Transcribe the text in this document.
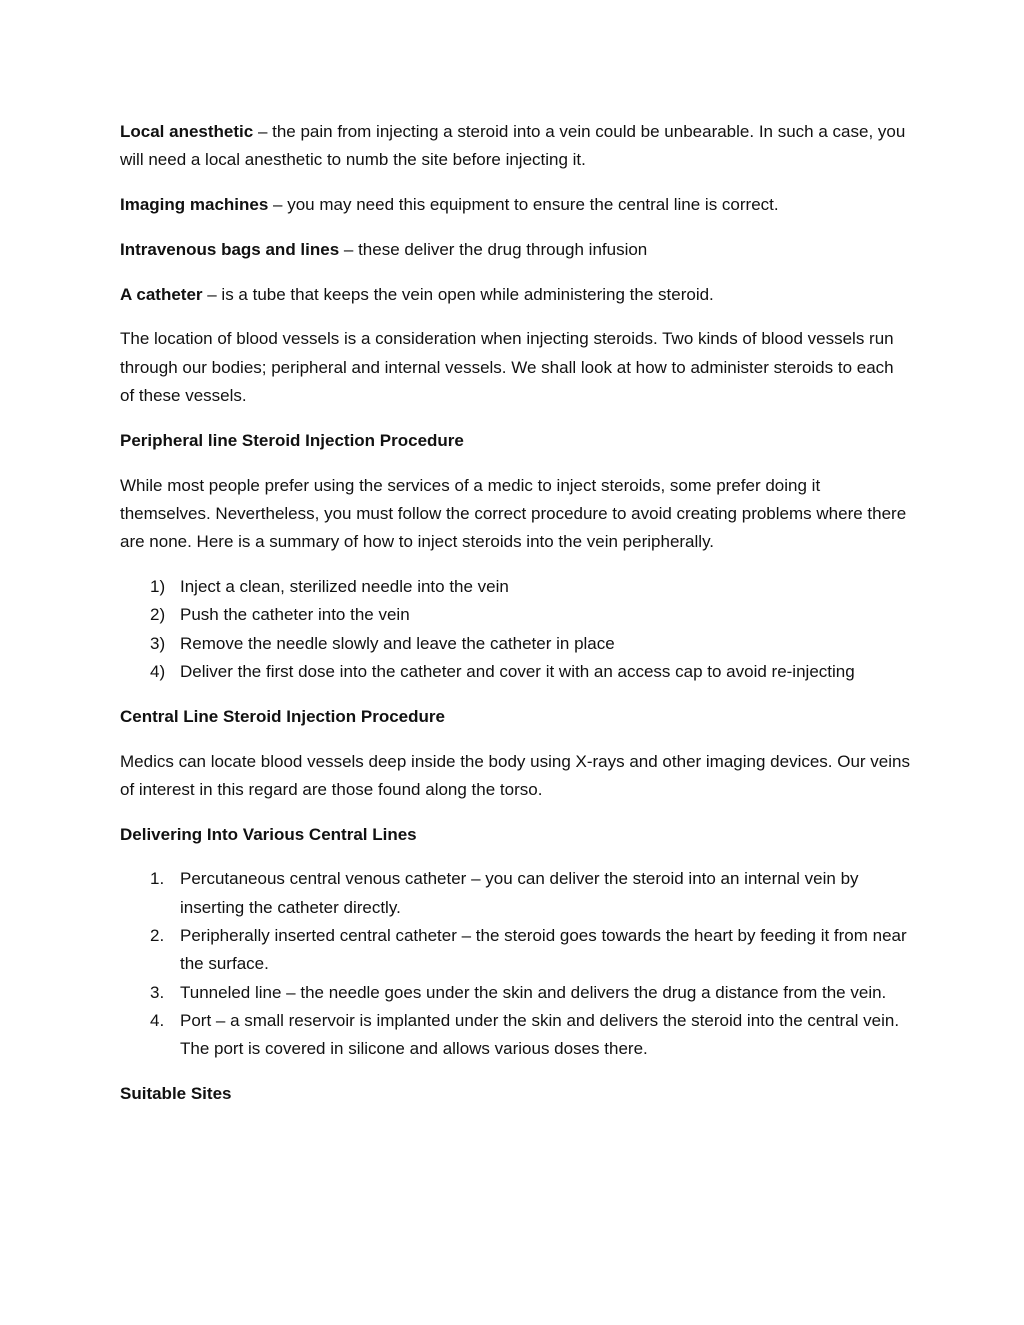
Local anesthetic – the pain from injecting a steroid into a vein could be unbearable. In such a case, you will need a local anesthetic to numb the site before injecting it.

Imaging machines – you may need this equipment to ensure the central line is correct.

Intravenous bags and lines – these deliver the drug through infusion

A catheter – is a tube that keeps the vein open while administering the steroid.

The location of blood vessels is a consideration when injecting steroids. Two kinds of blood vessels run through our bodies; peripheral and internal vessels. We shall look at how to administer steroids to each of these vessels.

Peripheral line Steroid Injection Procedure

While most people prefer using the services of a medic to inject steroids, some prefer doing it themselves. Nevertheless, you must follow the correct procedure to avoid creating problems where there are none. Here is a summary of how to inject steroids into the vein peripherally.

1) Inject a clean, sterilized needle into the vein
2) Push the catheter into the vein
3) Remove the needle slowly and leave the catheter in place
4) Deliver the first dose into the catheter and cover it with an access cap to avoid re-injecting
Central Line Steroid Injection Procedure

Medics can locate blood vessels deep inside the body using X-rays and other imaging devices. Our veins of interest in this regard are those found along the torso.

Delivering Into Various Central Lines
1. Percutaneous central venous catheter – you can deliver the steroid into an internal vein by inserting the catheter directly.
2. Peripherally inserted central catheter – the steroid goes towards the heart by feeding it from near the surface.
3. Tunneled line – the needle goes under the skin and delivers the drug a distance from the vein.
4. Port – a small reservoir is implanted under the skin and delivers the steroid into the central vein. The port is covered in silicone and allows various doses there.
Suitable Sites
